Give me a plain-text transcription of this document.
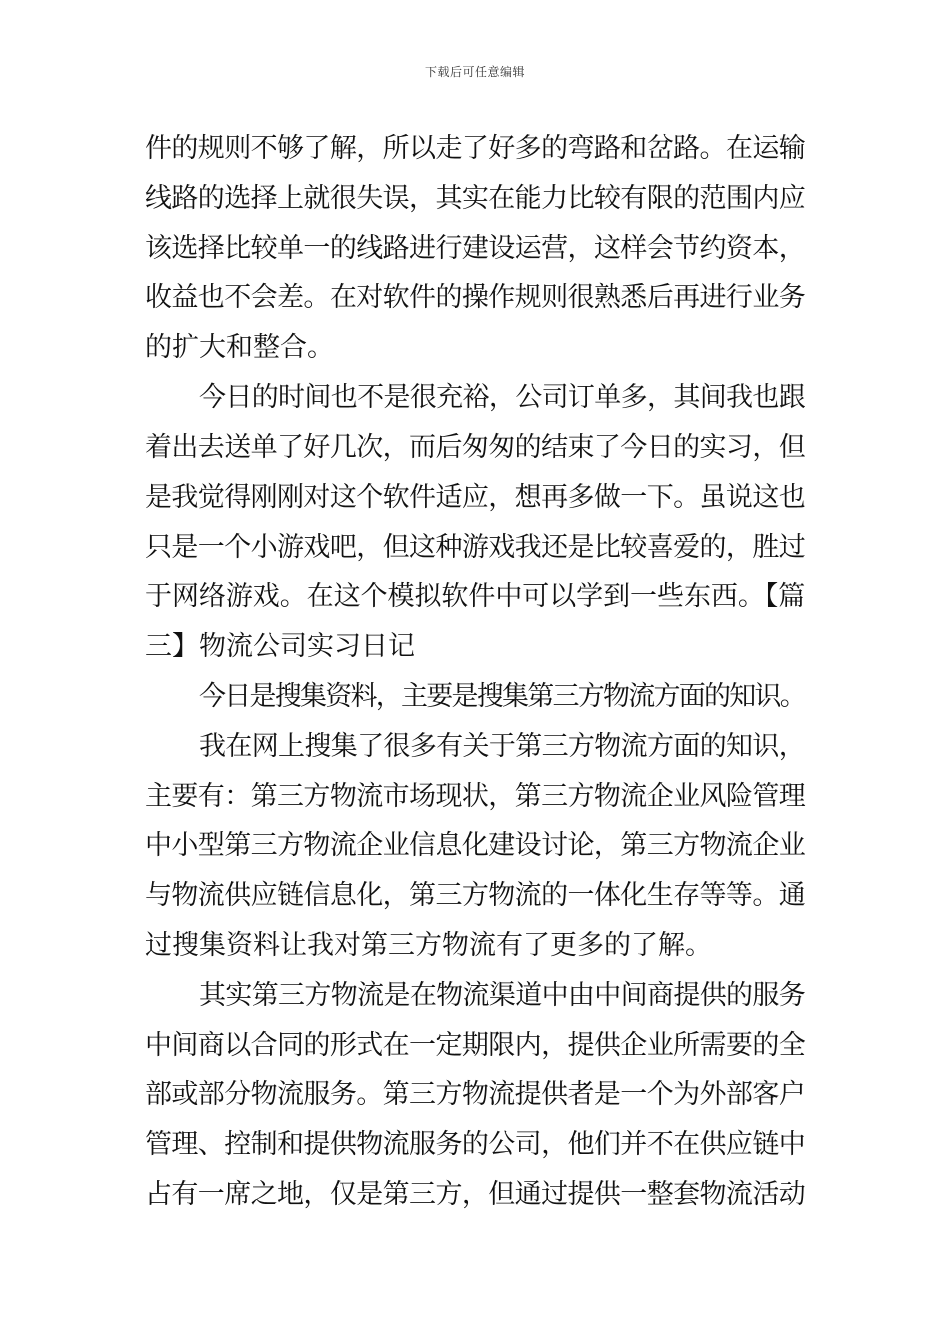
下载后可任意编辑
件的规则不够了解，所以走了好多的弯路和岔路。在运输
线路的选择上就很失误，其实在能力比较有限的范围内应
该选择比较单一的线路进行建设运营，这样会节约资本，
收益也不会差。在对软件的操作规则很熟悉后再进行业务
的扩大和整合。
今日的时间也不是很充裕，公司订单多，其间我也跟
着出去送单了好几次，而后匆匆的结束了今日的实习，但
是我觉得刚刚对这个软件适应，想再多做一下。虽说这也
只是一个小游戏吧，但这种游戏我还是比较喜爱的，胜过
于网络游戏。在这个模拟软件中可以学到一些东西。【篇
三】物流公司实习日记
今日是搜集资料，主要是搜集第三方物流方面的知识。
我在网上搜集了很多有关于第三方物流方面的知识，
主要有：第三方物流市场现状，第三方物流企业风险管理
中小型第三方物流企业信息化建设讨论，第三方物流企业
与物流供应链信息化，第三方物流的一体化生存等等。通
过搜集资料让我对第三方物流有了更多的了解。
其实第三方物流是在物流渠道中由中间商提供的服务
中间商以合同的形式在一定期限内，提供企业所需要的全
部或部分物流服务。第三方物流提供者是一个为外部客户
管理、控制和提供物流服务的公司，他们并不在供应链中
占有一席之地，仅是第三方，但通过提供一整套物流活动
